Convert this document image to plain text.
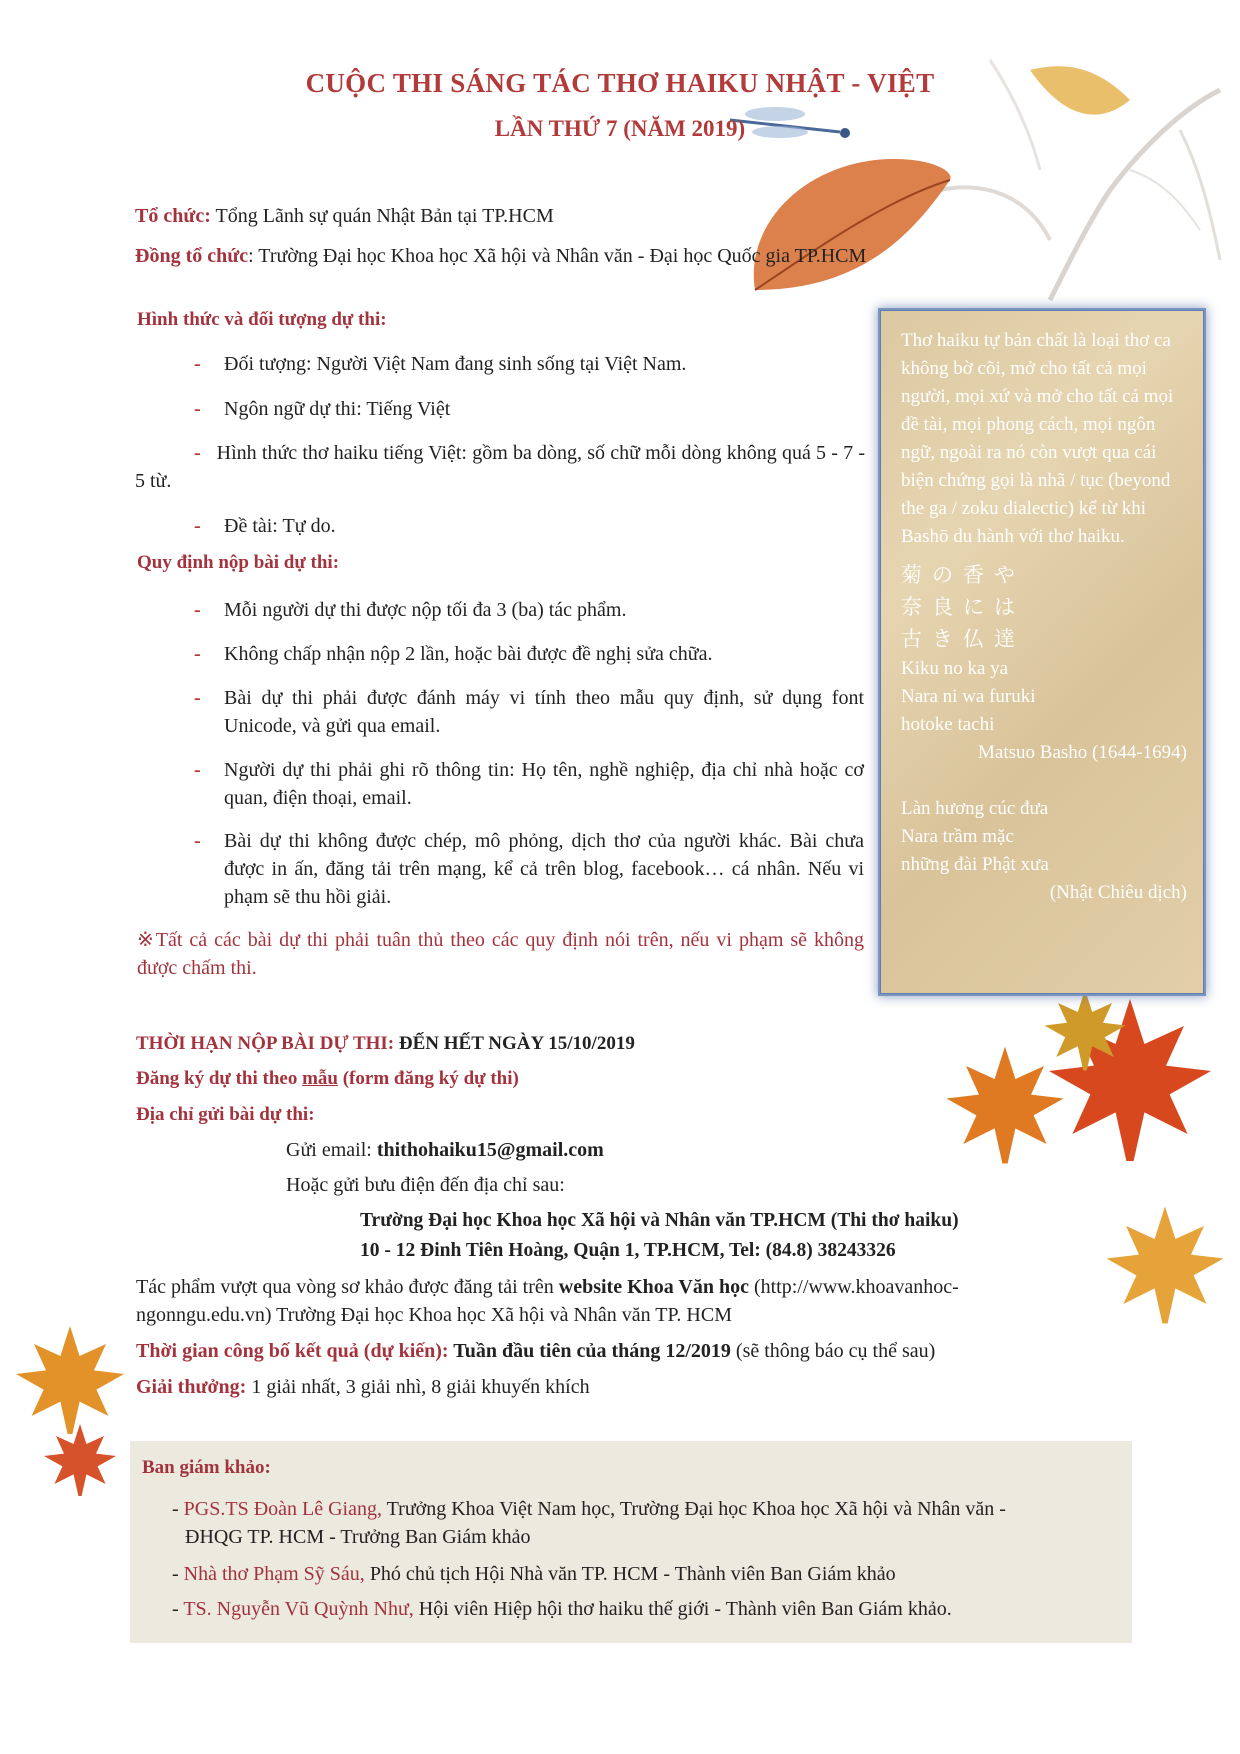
CUỘC THI SÁNG TÁC THƠ HAIKU NHẬT - VIỆT
LẦN THỨ 7 (NĂM 2019)
Tổ chức: Tổng Lãnh sự quán Nhật Bản tại TP.HCM
Đồng tổ chức: Trường Đại học Khoa học Xã hội và Nhân văn - Đại học Quốc gia TP.HCM
Hình thức và đối tượng dự thi:
- Đối tượng: Người Việt Nam đang sinh sống tại Việt Nam.
- Ngôn ngữ dự thi: Tiếng Việt
- Hình thức thơ haiku tiếng Việt: gồm ba dòng, số chữ mỗi dòng không quá 5 - 7 - 5 từ.
- Đề tài: Tự do.
Quy định nộp bài dự thi:
- Mỗi người dự thi được nộp tối đa 3 (ba) tác phẩm.
- Không chấp nhận nộp 2 lần, hoặc bài được đề nghị sửa chữa.
- Bài dự thi phải được đánh máy vi tính theo mẫu quy định, sử dụng font Unicode, và gửi qua email.
- Người dự thi phải ghi rõ thông tin: Họ tên, nghề nghiệp, địa chỉ nhà hoặc cơ quan, điện thoại, email.
- Bài dự thi không được chép, mô phỏng, dịch thơ của người khác. Bài chưa được in ấn, đăng tải trên mạng, kể cả trên blog, facebook… cá nhân. Nếu vi phạm sẽ thu hồi giải.
※Tất cả các bài dự thi phải tuân thủ theo các quy định nói trên, nếu vi phạm sẽ không được chấm thi.
Thơ haiku tự bản chất là loại thơ ca không bờ cõi, mở cho tất cả mọi người, mọi xứ và mở cho tất cả mọi đề tài, mọi phong cách, mọi ngôn ngữ, ngoài ra nó còn vượt qua cái biện chứng gọi là nhã / tục (beyond the ga / zoku dialectic) kể từ khi Bashō du hành với thơ haiku.
菊の香や
奈良には
古き仏達
Kiku no ka ya
Nara ni wa furuki
hotoke tachi
Matsuo Basho (1644-1694)
Làn hương cúc đưa
Nara trầm mặc
những đài Phật xưa
(Nhật Chiêu dịch)
THỜI HẠN NỘP BÀI DỰ THI: ĐẾN HẾT NGÀY 15/10/2019
Đăng ký dự thi theo mẫu (form đăng ký dự thi)
Địa chỉ gửi bài dự thi:
Gửi email: thithohaiku15@gmail.com
Hoặc gửi bưu điện đến địa chỉ sau:
Trường Đại học Khoa học Xã hội và Nhân văn TP.HCM (Thi thơ haiku)
10 - 12 Đinh Tiên Hoàng, Quận 1, TP.HCM, Tel: (84.8) 38243326
Tác phẩm vượt qua vòng sơ khảo được đăng tải trên website Khoa Văn học (http://www.khoavanhoc-
ngonngu.edu.vn) Trường Đại học Khoa học Xã hội và Nhân văn TP. HCM
Thời gian công bố kết quả (dự kiến): Tuần đầu tiên của tháng 12/2019 (sẽ thông báo cụ thể sau)
Giải thưởng: 1 giải nhất, 3 giải nhì, 8 giải khuyến khích
Ban giám khảo:
- PGS.TS Đoàn Lê Giang, Trưởng Khoa Việt Nam học, Trường Đại học Khoa học Xã hội và Nhân văn -
ĐHQG TP. HCM - Trưởng Ban Giám khảo
- Nhà thơ Phạm Sỹ Sáu, Phó chủ tịch Hội Nhà văn TP. HCM - Thành viên Ban Giám khảo
- TS. Nguyễn Vũ Quỳnh Như, Hội viên Hiệp hội thơ haiku thế giới - Thành viên Ban Giám khảo.
